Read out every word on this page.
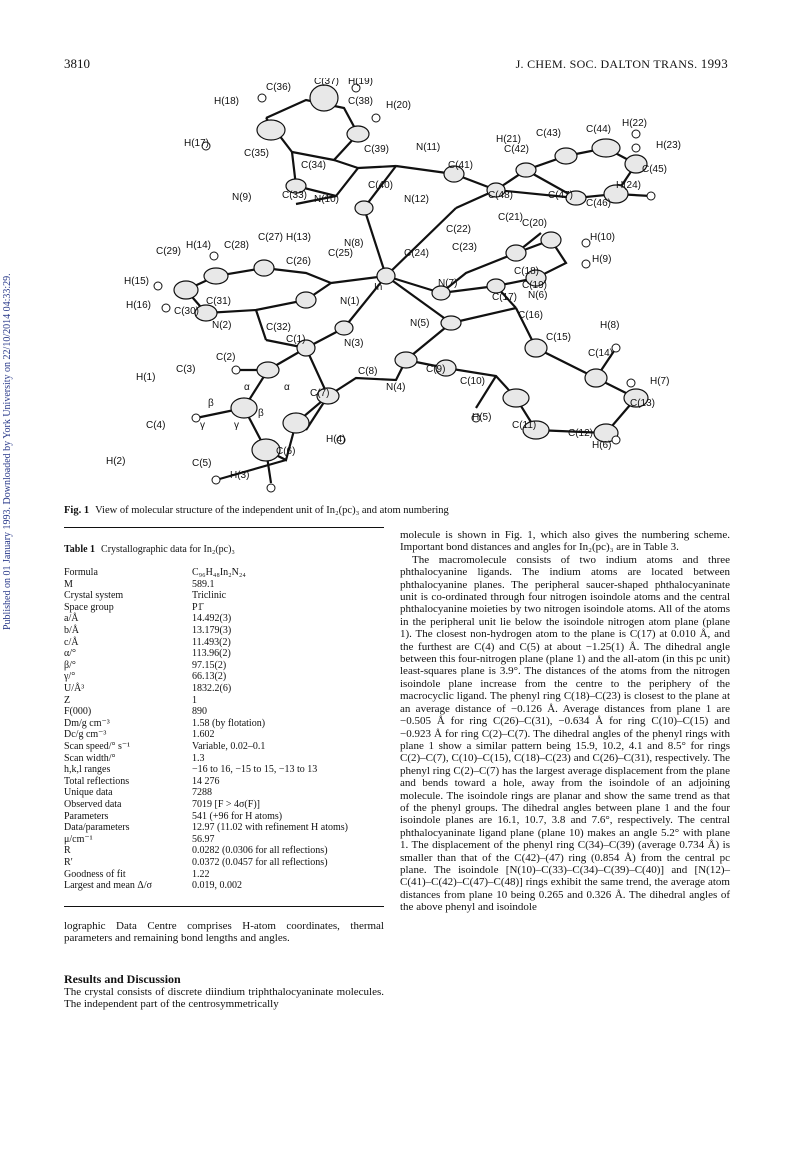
3810	J. CHEM. SOC. DALTON TRANS. 1993
Published on 01 January 1993. Downloaded by York University on 22/10/2014 04:33:29.
C(36)
C(37) H(19)
H(18)	C(38) H(20)
H(17)
C(35)	C(39)
C(34)
N(11)
C(41)
H(21)
C(42)
C(43) C(44)
H(22)
H(23)
C(45)
H(24)
C(46)
C(47)
C(48)
N(12)
N(9)	C(33) N(10)
C(40)
C(21)
C(20)
C(22)
H(10)
H(14) C(28)
C(27) H(13)
N(8)
C(24)
C(23)
H(9)
C(29)
C(26)
C(25)
In
C(18)
C(19)
H(15)	N(7)
C(17) N(6)
H(16)	C(31)
C(30)
N(1)
N(2)	C(32)	N(5)
C(16)
H(8)
N(3)
C(1)	C(15)
C(14)
C(2)
C(3)
H(1)
C(8)	C(9)
H(7)
α	α
C(7)
N(4)
C(10)
β	C(13)
C(4)	γ	γ
β	H(5)
C(11)
C(12)
C(6)
H(4)
H(2)	C(5)
H(6)
H(3)
Fig. 1 View of molecular structure of the independent unit of In₂(pc)₃ and atom numbering
Table 1 Crystallographic data for In₂(pc)₃
Formula	C₉₆H₄₈In₂N₂₄
M	589.1
Crystal system	Triclinic
Space group	P1̄
a/Å	14.492(3)
b/Å	13.179(3)
c/Å	11.493(2)
α/°	113.96(2)
β/°	97.15(2)
γ/°	66.13(2)
U/Å³	1832.2(6)
Z	1
F(000)	890
Dm/g cm⁻³	1.58 (by flotation)
Dc/g cm⁻³	1.602
Scan speed/° s⁻¹	Variable, 0.02–0.1
Scan width/°	1.3
h,k,l ranges	−16 to 16, −15 to 15, −13 to 13
Total reflections	14 276
Unique data	7288
Observed data	7019 [F > 4σ(F)]
Parameters	541 (+96 for H atoms)
Data/parameters	12.97 (11.02 with refinement H atoms)
μ/cm⁻¹	56.97
R	0.0282 (0.0306 for all reflections)
R′	0.0372 (0.0457 for all reflections)
Goodness of fit	1.22
Largest and mean Δ/σ	0.019, 0.002
lographic Data Centre comprises H-atom coordinates, thermal parameters and remaining bond lengths and angles.
Results and Discussion
The crystal consists of discrete diindium triphthalocyaninate molecules. The independent part of the centrosymmetrically

molecule is shown in Fig. 1, which also gives the numbering scheme. Important bond distances and angles for In₂(pc)₃ are in Table 3.

The macromolecule consists of two indium atoms and three phthalocyanine ligands. The indium atoms are located between phthalocyanine planes. The peripheral saucer-shaped phthalocyaninate unit is co-ordinated through four nitrogen isoindole atoms and the central phthalocyanine moieties by two nitrogen isoindole atoms. All of the atoms in the peripheral unit lie below the isoindole nitrogen atom plane (plane 1). The closest non-hydrogen atom to the plane is C(17) at 0.010 Å, and the furthest are C(4) and C(5) at about −1.25(1) Å. The dihedral angle between this four-nitrogen plane (plane 1) and the all-atom (in this pc unit) least-squares plane is 3.9°. The distances of the atoms from the nitrogen isoindole plane increase from the centre to the periphery of the macrocyclic ligand. The phenyl ring C(18)–C(23) is closest to the plane at an average distance of −0.126 Å. Average distances from plane 1 are −0.505 Å for ring C(26)–C(31), −0.634 Å for ring C(10)–C(15) and −0.923 Å for ring C(2)–C(7). The dihedral angles of the phenyl rings with plane 1 show a similar pattern being 15.9, 10.2, 4.1 and 8.5° for rings C(2)–C(7), C(10)–C(15), C(18)–C(23) and C(26)–C(31), respectively. The phenyl ring C(2)–C(7) has the largest average displacement from the plane and bends toward a hole, away from the isoindole of an adjoining molecule. The isoindole rings are planar and show the same trend as that of the phenyl groups. The dihedral angles between plane 1 and the four isoindole planes are 16.1, 10.7, 3.8 and 7.6°, respectively. The central phthalocyaninate ligand plane (plane 10) makes an angle 5.2° with plane 1. The displacement of the phenyl ring C(34)–C(39) (average 0.734 Å) is smaller than that of the C(42)–(47) ring (0.854 Å) from the central pc plane. The isoindole [N(10)–C(33)–C(34)–C(39)–C(40)] and [N(12)–C(41)–C(42)–C(47)–C(48)] rings exhibit the same trend, the average atom distances from plane 10 being 0.265 and 0.326 Å. The dihedral angles of the above phenyl and isoindole
